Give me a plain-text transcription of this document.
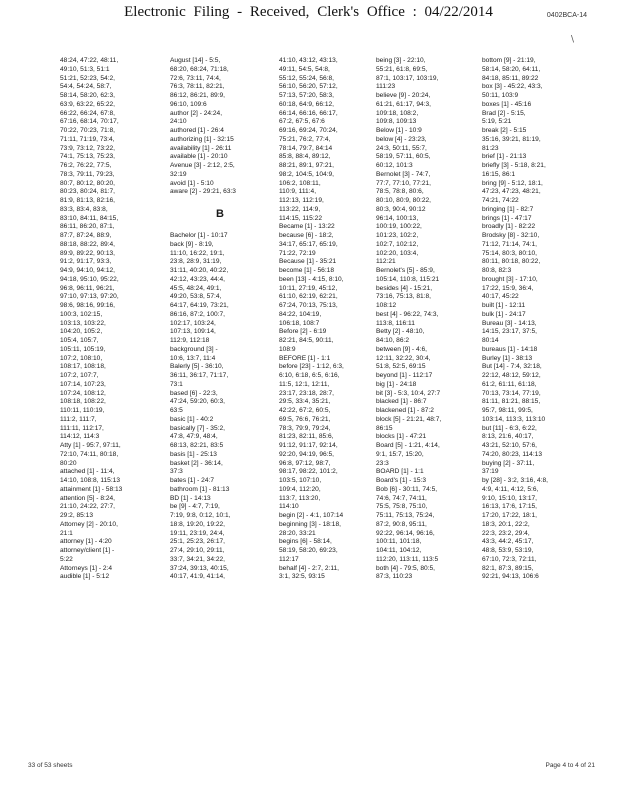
Electronic Filing - Received, Clerk's Office : 04/22/2014	0402BCA-14
∖
48:24, 47:22, 48:11,
49:10, 51:3, 51:1
51:21, 52:23, 54:2,
54:4, 54:24, 58:7,
58:14, 58:20, 62:3,
63:9, 63:22, 65:22,
66:22, 66:24, 67:8,
67:16, 68:14, 70:17,
70:22, 70:23, 71:8,
71:11, 71:19, 73:4,
73:9, 73:12, 73:22,
74:1, 75:13, 75:23,
76:2, 76:22, 77:5,
78:3, 79:11, 79:23,
80:7, 80:12, 80:20,
80:23, 80:24, 81:7,
81:9, 81:13, 82:16,
83:3, 83:4, 83:8,
83:10, 84:11, 84:15,
86:11, 86:20, 87:1,
87:7, 87:24, 88:9,
88:18, 88:22, 89:4,
89:9, 89:22, 90:13,
91:2, 91:17, 93:3,
94:9, 94:10, 94:12,
94:18, 95:10, 95:22,
96:8, 96:11, 96:21,
97:10, 97:13, 97:20,
98:6, 98:16, 99:16,
100:3, 102:15,
103:13, 103:22,
104:20, 105:2,
105:4, 105:7,
105:11, 105:19,
107:2, 108:10,
108:17, 108:18,
107:2, 107:7,
107:14, 107:23,
107:24, 108:12,
108:18, 108:22,
110:11, 110:19,
111:2, 111:7,
111:11, 112:17,
114:12, 114:3
Atty [1] - 95:7, 97:11,
72:10, 74:11, 80:18,
80:20
attached [1] - 11:4,
14:10, 108:8, 115:13
attainment [1] - 58:13
attention [5] - 8:24,
21:10, 24:22, 27:7,
29:2, 85:13
Attorney [2] - 20:10,
21:1
attorney [1] - 4:20
attorney/client [1] -
5:22
Attorneys [1] - 2:4
audible [1] - 5:12
August [14] - 5:5,
68:20, 68:24, 71:18,
72:6, 73:11, 74:4,
76:3, 78:11, 82:21,
86:12, 86:21, 89:9,
96:10, 109:6
author [2] - 24:24,
24:10
authored [1] - 26:4
authorizing [1] - 32:15
availability [1] - 26:11
available [1] - 20:10
Avenue [3] - 2:12, 2:5,
32:19
avoid [1] - 5:10
aware [2] - 29:21, 63:3
B
Bachelor [1] - 10:17
back [9] - 8:19,
11:10, 16:22, 19:1,
23:8, 28:9, 31:19,
31:11, 40:20, 40:22,
42:12, 43:23, 44:4,
45:5, 48:24, 49:1,
49:20, 53:8, 57:4,
64:17, 64:19, 73:21,
86:16, 87:2, 100:7,
102:17, 103:24,
107:13, 109:14,
112:9, 112:18
background [3] -
10:6, 13:7, 11:4
Balerly [5] - 36:10,
36:11, 36:17, 71:17,
73:1
based [6] - 22:3,
47:24, 59:20, 60:3,
63:5
basic [1] - 40:2
basically [7] - 35:2,
47:8, 47:9, 48:4,
68:13, 82:21, 83:5
basis [1] - 25:13
basket [2] - 36:14,
37:3
bates [1] - 24:7
bathroom [1] - 81:13
BD [1] - 14:13
be [9] - 4:7, 7:19,
7:19, 9:8, 0:12, 10:1,
18:8, 19:20, 19:22,
19:11, 23:19, 24:4,
25:1, 25:23, 26:17,
27:4, 29:10, 29:11,
33:7, 34:21, 34:22,
37:24, 39:13, 40:15,
40:17, 41:9, 41:14,
41:10, 43:12, 43:13,
49:11, 54:5, 54:8,
55:12, 55:24, 56:8,
56:10, 56:20, 57:12,
57:13, 57:20, 58:3,
60:18, 64:9, 66:12,
66:14, 66:16, 66:17,
67:2, 67:5, 67:6
69:16, 69:24, 70:24,
75:21, 76:2, 77:4,
78:14, 79:7, 84:14
85:8, 88:4, 89:12,
88:21, 89:1, 97:21,
98:2, 104:5, 104:9,
106:2, 108:11,
110:9, 111:4,
112:13, 112:19,
113:22, 114:9,
114:15, 115:22
Became [1] - 13:22
because [6] - 18:2,
34:17, 65:17, 65:19,
71:22, 72:19
Because [1] - 35:21
become [1] - 56:18
been [13] - 4:15, 8:10,
10:11, 27:19, 45:12,
61:10, 62:19, 62:21,
67:24, 70:13, 75:13,
84:22, 104:19,
106:18, 108:7
Before [2] - 6:19
82:21, 84:5, 90:11,
108:9
BEFORE [1] - 1:1
before [23] - 1:12, 6:3,
6:10, 6:18, 6:5, 6:16,
11:5, 12:1, 12:11,
23:17, 23:18, 28:7,
29:5, 33:4, 35:21,
42:22, 67:2, 60:5,
69:5, 76:6, 76:21,
78:3, 79:9, 79:24,
81:23, 82:11, 85:6,
91:12, 91:17, 92:14,
92:20, 94:19, 96:5,
96:8, 97:12, 98:7,
98:17, 98:22, 101:2,
103:5, 107:10,
109:4, 112:20,
113:7, 113:20,
114:10
begin [2] - 4:1, 107:14
beginning [3] - 18:18,
28:20, 33:21
begins [6] - 58:14,
58:19, 58:20, 69:23,
112:17
behalf [4] - 2:7, 2:11,
3:1, 32:5, 93:15
being [3] - 22:10,
55:21, 61:8, 69:5,
87:1, 103:17, 103:19,
111:23
believe [9] - 20:24,
61:21, 61:17, 94:3,
109:18, 108:2,
109:8, 109:13
Below [1] - 10:9
below [4] - 23:23,
24:3, 50:11, 55:7,
58:19, 57:11, 60:5,
60:12, 101:3
Bernolet [3] - 74:7,
77:7, 77:10, 77:21,
78:5, 78:8, 80:6,
80:10, 80:9, 80:22,
80:3, 90:4, 90:12
96:14, 100:13,
100:19, 100:22,
101:23, 102:2,
102:7, 102:12,
102:20, 103:4,
112:21
Bernolet's [5] - 85:9,
105:14, 110:8, 115:21
besides [4] - 15:21,
73:16, 75:13, 81:8,
108:12
best [4] - 96:22, 74:3,
113:8, 116:11
Betty [2] - 48:10,
84:10, 86:2
between [9] - 4:6,
12:11, 32:22, 30:4,
51:8, 52:5, 69:15
beyond [1] - 112:17
big [1] - 24:18
bit [3] - 5:3, 10:4, 27:7
blacked [1] - 86:7
blackened [1] - 87:2
block [5] - 21:21, 48:7,
86:15
blocks [1] - 47:21
Board [5] - 1:21, 4:14,
9:1, 15:7, 15:20,
23:3
BOARD [1] - 1:1
Board's [1] - 15:3
Bob [6] - 30:11, 74:5,
74:6, 74:7, 74:11,
75:5, 75:8, 75:10,
75:11, 75:13, 75:24,
87:2, 90:8, 95:11,
92:22, 96:14, 96:16,
100:11, 101:18,
104:11, 104:12,
112:20, 113:11, 113:5
both [4] - 79:5, 80:5,
87:3, 110:23
bottom [9] - 21:19,
58:14, 58:20, 64:11,
84:18, 85:11, 89:22
box [3] - 45:22, 43:3,
50:11, 103:9
boxes [1] - 45:16
Brad [2] - 5:15,
5:19, 5:21
break [2] - 5:15
35:16, 39:21, 81:19,
81:23
brief [1] - 21:13
briefly [3] - 5:18, 8:21,
16:15, 86:1
bring [9] - 5:12, 18:1,
47:23, 47:23, 48:21,
74:21, 74:22
bringing [1] - 82:7
brings [1] - 47:17
broadly [1] - 82:22
Brodsky [8] - 32:10,
71:12, 71:14, 74:1,
75:14, 80:3, 80:10,
80:11, 80:18, 80:22,
80:8, 82:3
brought [3] - 17:10,
17:22, 15:9, 36:4,
40:17, 45:22
built [1] - 12:11
bulk [1] - 24:17
Bureau [3] - 14:13,
14:15, 23:17, 37:5,
80:14
bureaus [1] - 14:18
Burley [1] - 38:13
But [14] - 7:4, 32:18,
22:12, 48:12, 59:12,
61:2, 61:11, 61:18,
70:13, 73:14, 77:19,
81:11, 81:21, 88:15,
95:7, 98:11, 99:5,
103:14, 113:3, 113:10
but [11] - 6:3, 6:22,
8:13, 21:6, 40:17,
43:21, 52:10, 57:6,
74:20, 80:23, 114:13
buying [2] - 37:11,
37:19
by [28] - 3:2, 3:16, 4:8,
4:9, 4:11, 4:12, 5:6,
9:10, 15:10, 13:17,
16:13, 17:6, 17:15,
17:20, 17:22, 18:1,
18:3, 20:1, 22:2,
22:3, 23:2, 29:4,
43:3, 44:2, 45:17,
48:8, 53:9, 53:19,
67:10, 72:3, 72:11,
82:1, 87:3, 89:15,
92:21, 94:13, 106:6
33 of 53 sheets	Page 4 to 4 of 21
